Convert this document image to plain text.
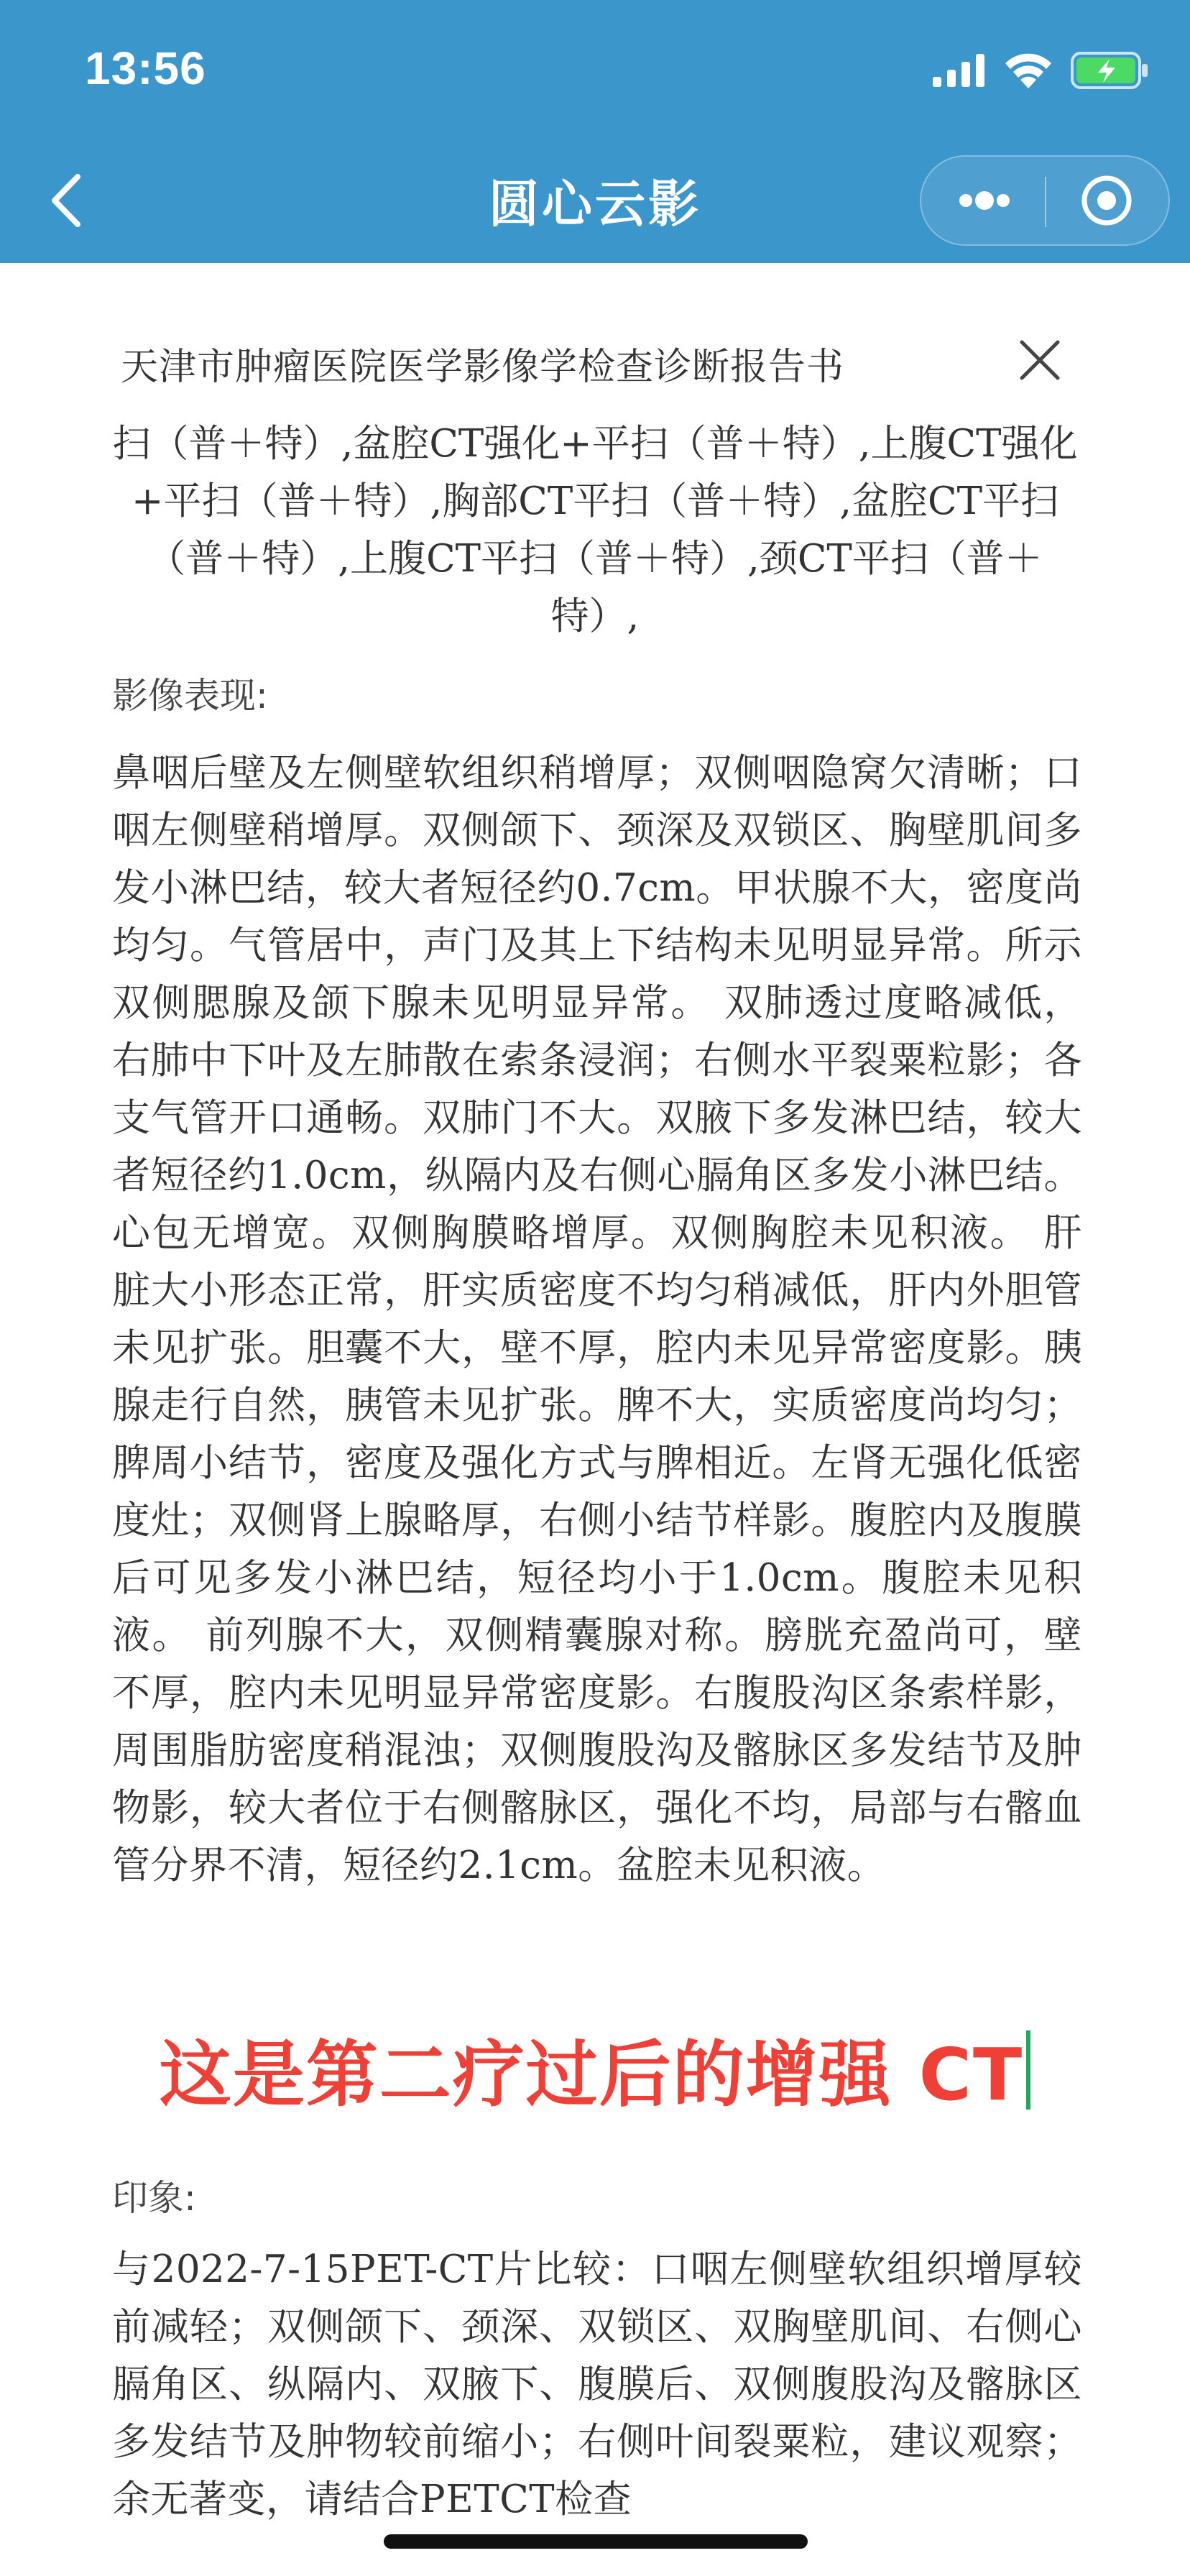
13:56
圆心云影
天津市肿瘤医院医学影像学检查诊断报告书
扫（普＋特）,盆腔CT强化+平扫（普＋特）,上腹CT强化+平扫（普＋特）,胸部CT平扫（普＋特）,盆腔CT平扫（普＋特）,上腹CT平扫（普＋特）,颈CT平扫（普＋特）,
影像表现:
鼻咽后壁及左侧壁软组织稍增厚；双侧咽隐窝欠清晰；口咽左侧壁稍增厚。双侧颌下、颈深及双锁区、胸壁肌间多发小淋巴结，较大者短径约0.7cm。甲状腺不大，密度尚均匀。气管居中，声门及其上下结构未见明显异常。所示双侧腮腺及颌下腺未见明显异常。 双肺透过度略减低，右肺中下叶及左肺散在索条浸润；右侧水平裂粟粒影；各支气管开口通畅。双肺门不大。双腋下多发淋巴结，较大者短径约1.0cm，纵隔内及右侧心膈角区多发小淋巴结。心包无增宽。双侧胸膜略增厚。双侧胸腔未见积液。 肝脏大小形态正常，肝实质密度不均匀稍减低，肝内外胆管未见扩张。胆囊不大，壁不厚，腔内未见异常密度影。胰腺走行自然，胰管未见扩张。脾不大，实质密度尚均匀；脾周小结节，密度及强化方式与脾相近。左肾无强化低密度灶；双侧肾上腺略厚，右侧小结节样影。腹腔内及腹膜后可见多发小淋巴结，短径均小于1.0cm。腹腔未见积液。 前列腺不大，双侧精囊腺对称。膀胱充盈尚可，壁不厚，腔内未见明显异常密度影。右腹股沟区条索样影，周围脂肪密度稍混浊；双侧腹股沟及髂脉区多发结节及肿物影，较大者位于右侧髂脉区，强化不均，局部与右髂血管分界不清，短径约2.1cm。盆腔未见积液。
这是第二疗过后的增强 CT
印象:
与2022-7-15PET-CT片比较：口咽左侧壁软组织增厚较前减轻；双侧颌下、颈深、双锁区、双胸壁肌间、右侧心膈角区、纵隔内、双腋下、腹膜后、双侧腹股沟及髂脉区多发结节及肿物较前缩小；右侧叶间裂粟粒，建议观察；余无著变，请结合PETCT检查
